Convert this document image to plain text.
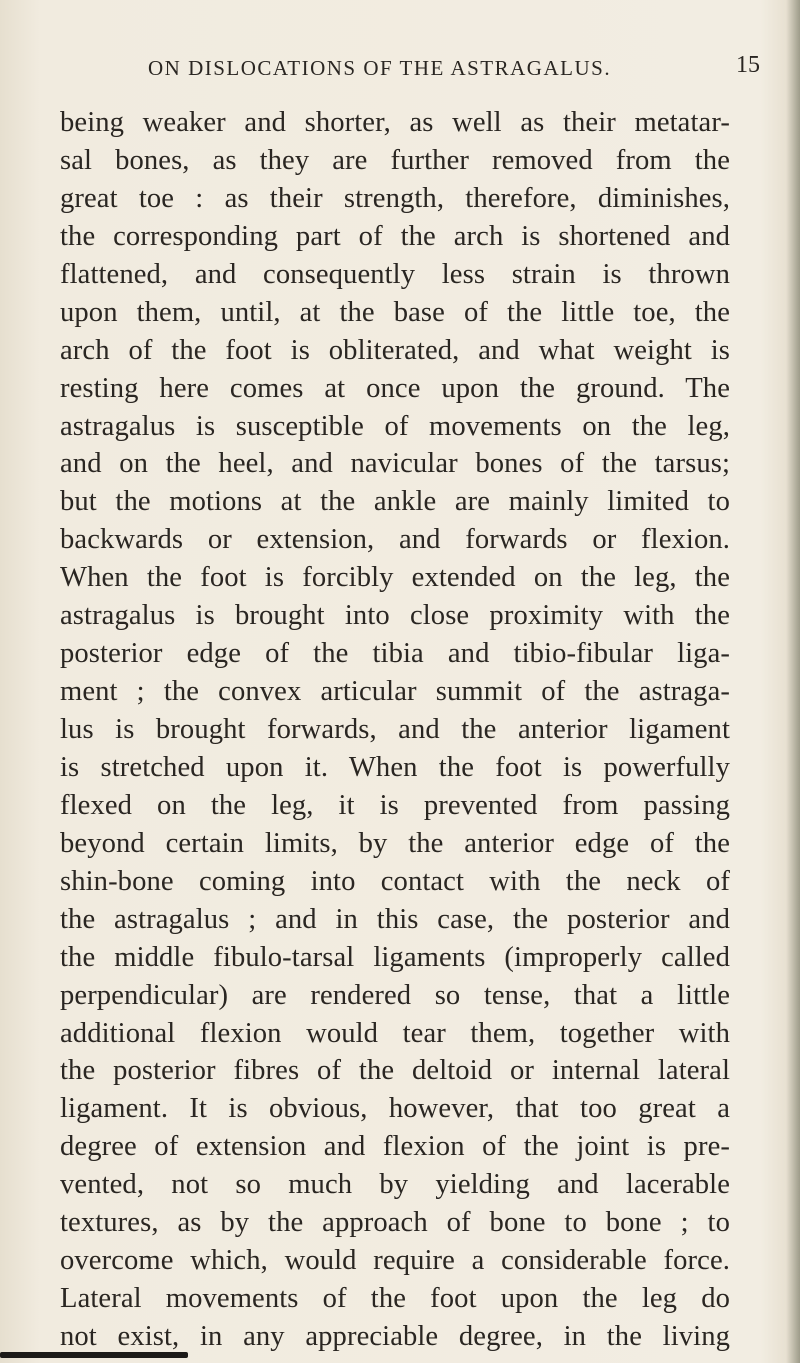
ON DISLOCATIONS OF THE ASTRAGALUS.	15
being weaker and shorter, as well as their metatar-
sal bones, as they are further removed from the
great toe : as their strength, therefore, diminishes,
the corresponding part of the arch is shortened and
flattened, and consequently less strain is thrown
upon them, until, at the base of the little toe, the
arch of the foot is obliterated, and what weight is
resting here comes at once upon the ground. The
astragalus is susceptible of movements on the leg,
and on the heel, and navicular bones of the tarsus;
but the motions at the ankle are mainly limited to
backwards or extension, and forwards or flexion.
When the foot is forcibly extended on the leg, the
astragalus is brought into close proximity with the
posterior edge of the tibia and tibio-fibular liga-
ment ; the convex articular summit of the astraga-
lus is brought forwards, and the anterior ligament
is stretched upon it. When the foot is powerfully
flexed on the leg, it is prevented from passing
beyond certain limits, by the anterior edge of the
shin-bone coming into contact with the neck of
the astragalus ; and in this case, the posterior and
the middle fibulo-tarsal ligaments (improperly called
perpendicular) are rendered so tense, that a little
additional flexion would tear them, together with
the posterior fibres of the deltoid or internal lateral
ligament. It is obvious, however, that too great a
degree of extension and flexion of the joint is pre-
vented, not so much by yielding and lacerable
textures, as by the approach of bone to bone ; to
overcome which, would require a considerable force.
Lateral movements of the foot upon the leg do
not exist, in any appreciable degree, in the living
